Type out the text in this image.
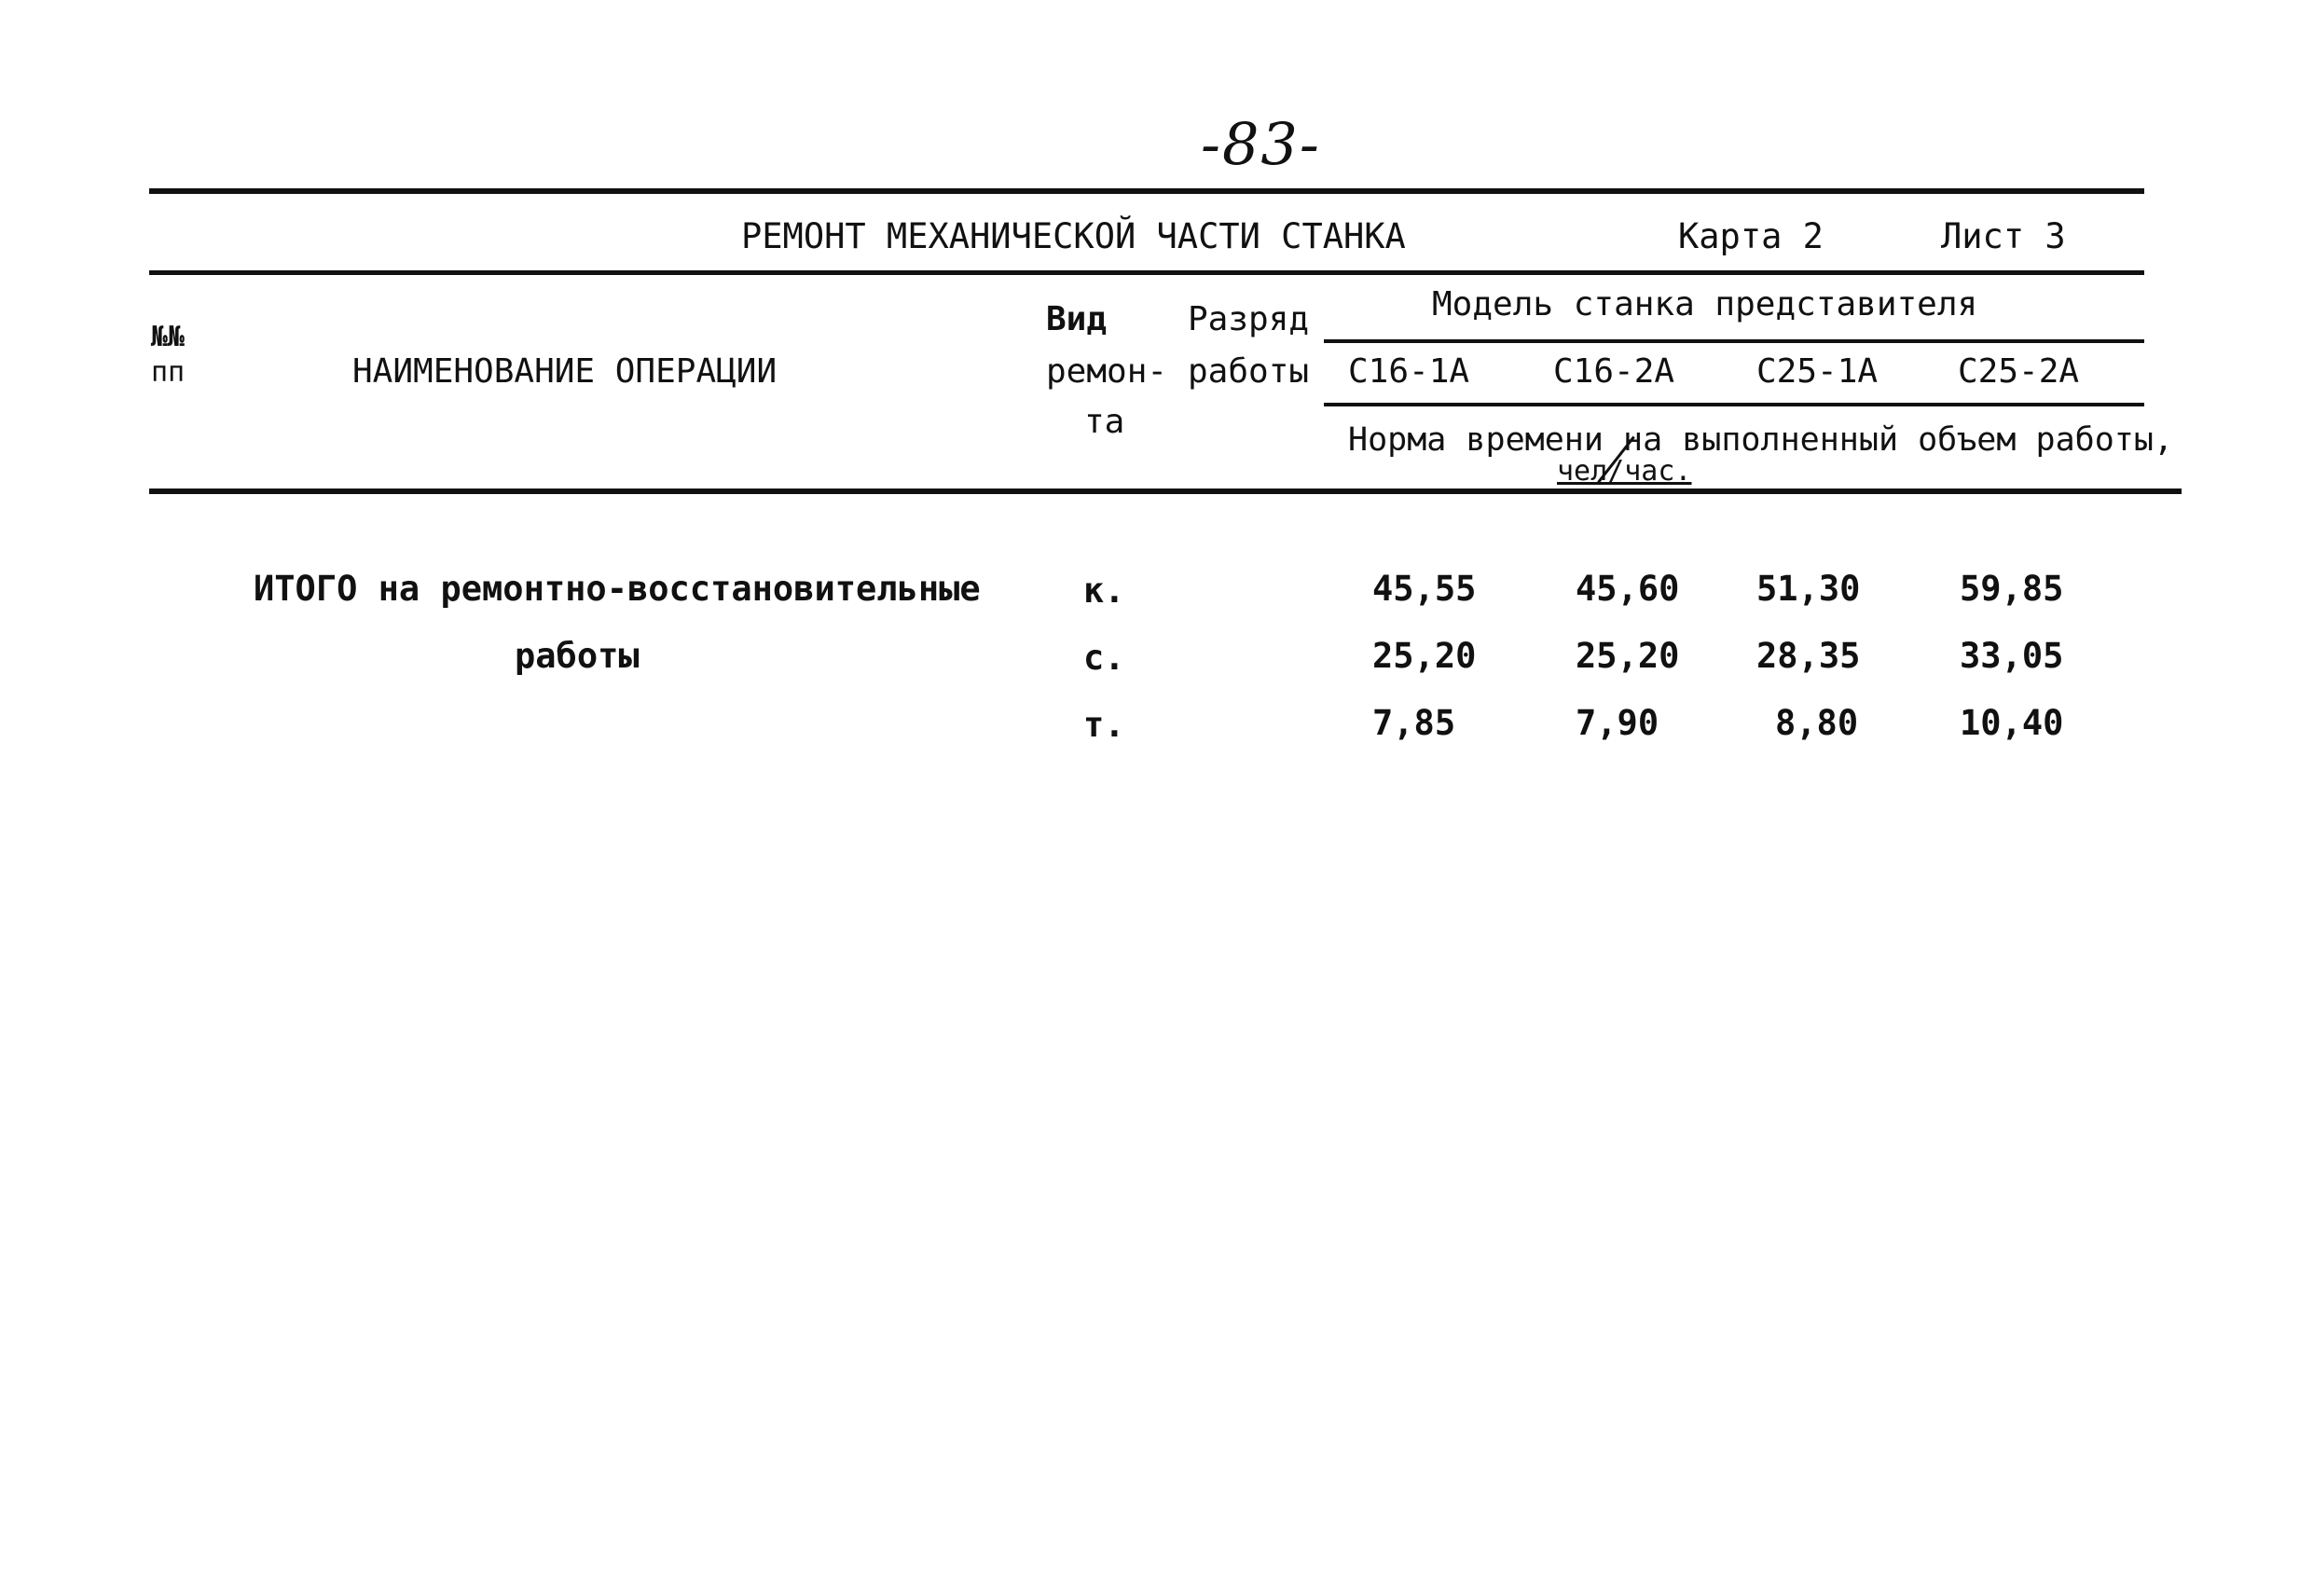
-83-
РЕМОНТ МЕХАНИЧЕСКОЙ ЧАСТИ СТАНКА	Карта 2	Лист 3
№№
пп	НАИМЕНОВАНИЕ ОПЕРАЦИИ
Вид
ремон-
та
Разряд
работы
Модель станка представителя
С16-1А С16-2А С25-1А С25-2А
Норма времени на выполненный объем работы,
чел/час.
ИТОГО на ремонтно-восстановительные
работы
к.	45,55	45,60 51,30	59,85
с.	25,20	25,20 28,35	33,05
т.	7,85	7,90	8,80	10,40
